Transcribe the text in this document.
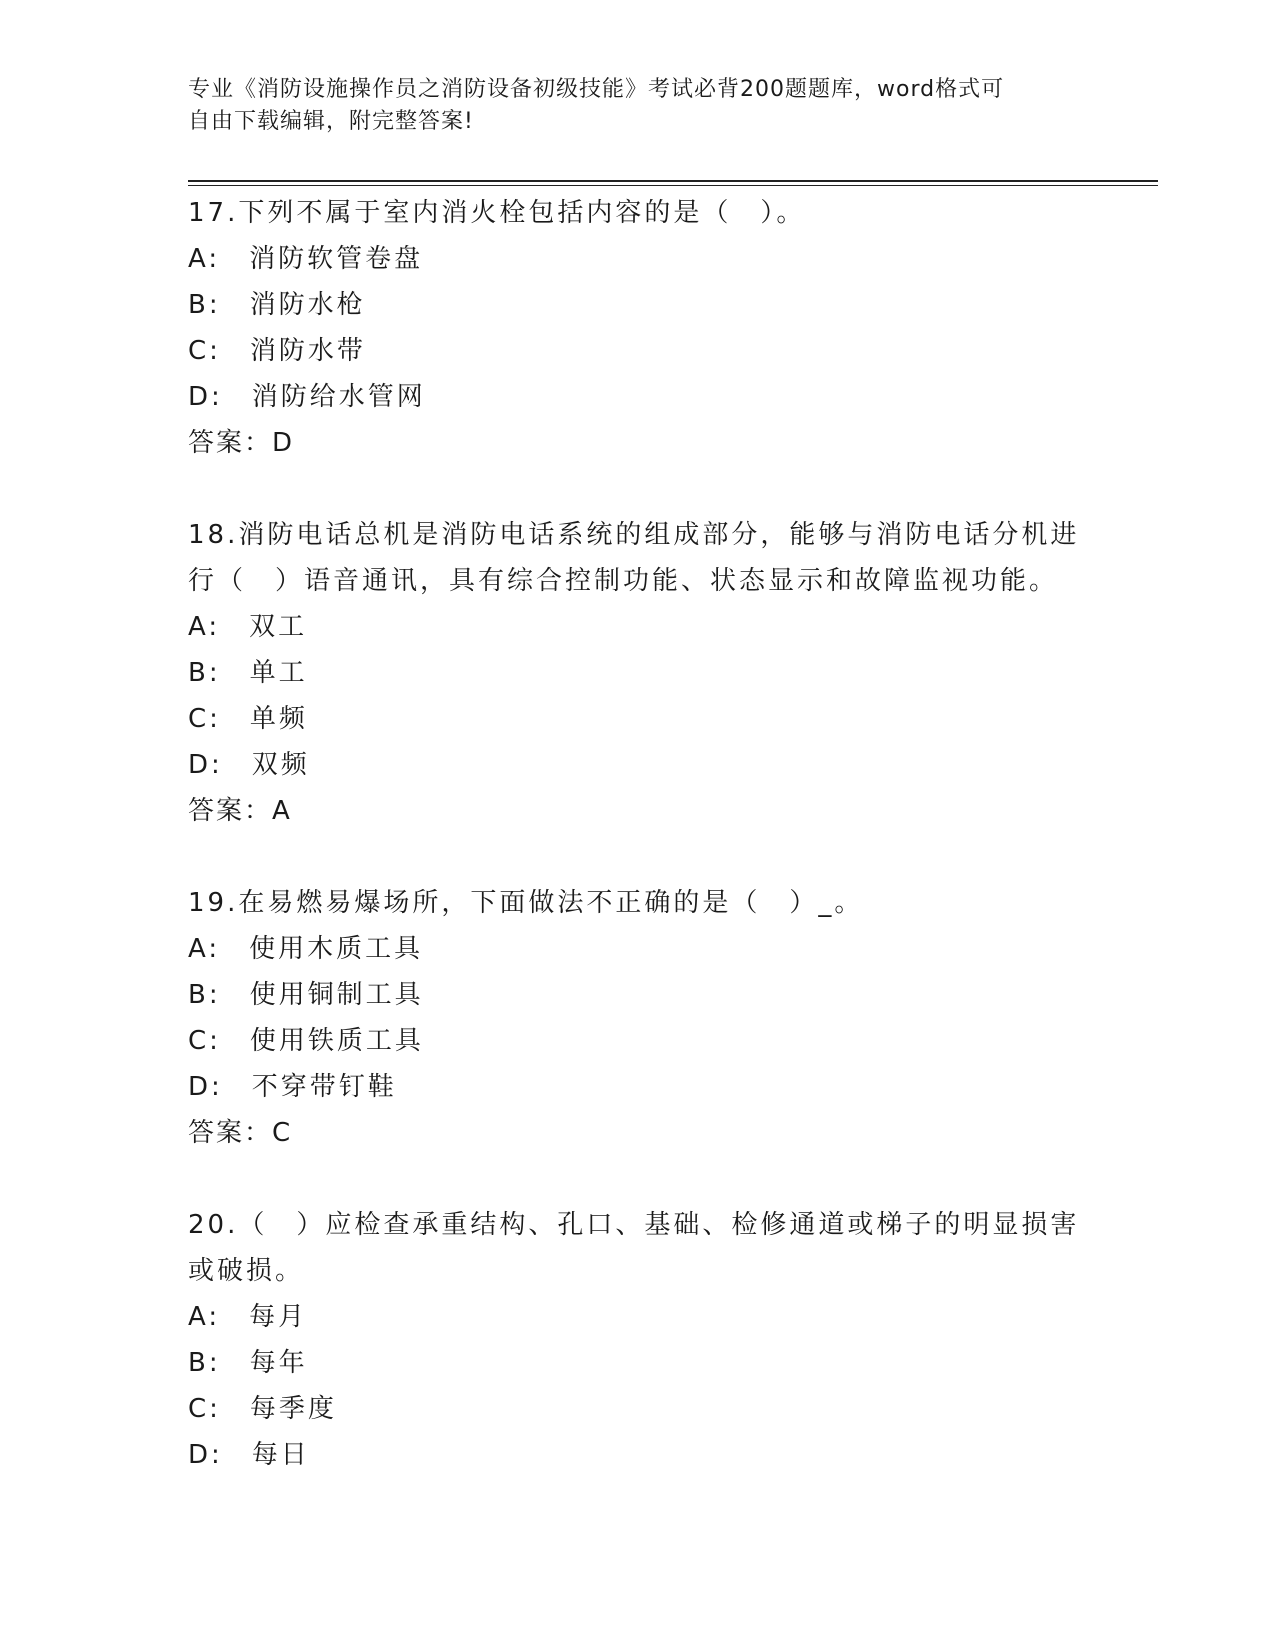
专业《消防设施操作员之消防设备初级技能》考试必背200题题库，word格式可
自由下载编辑，附完整答案!
17.下列不属于室内消火栓包括内容的是（　）。
A:　消防软管卷盘
B:　消防水枪
C:　消防水带
D:　消防给水管网
答案：D
18.消防电话总机是消防电话系统的组成部分，能够与消防电话分机进
行（　）语音通讯，具有综合控制功能、状态显示和故障监视功能。
A:　双工
B:　单工
C:　单频
D:　双频
答案：A
19.在易燃易爆场所，下面做法不正确的是（　）_。
A:　使用木质工具
B:　使用铜制工具
C:　使用铁质工具
D:　不穿带钉鞋
答案：C
20.（　）应检查承重结构、孔口、基础、检修通道或梯子的明显损害
或破损。
A:　每月
B:　每年
C:　每季度
D:　每日
